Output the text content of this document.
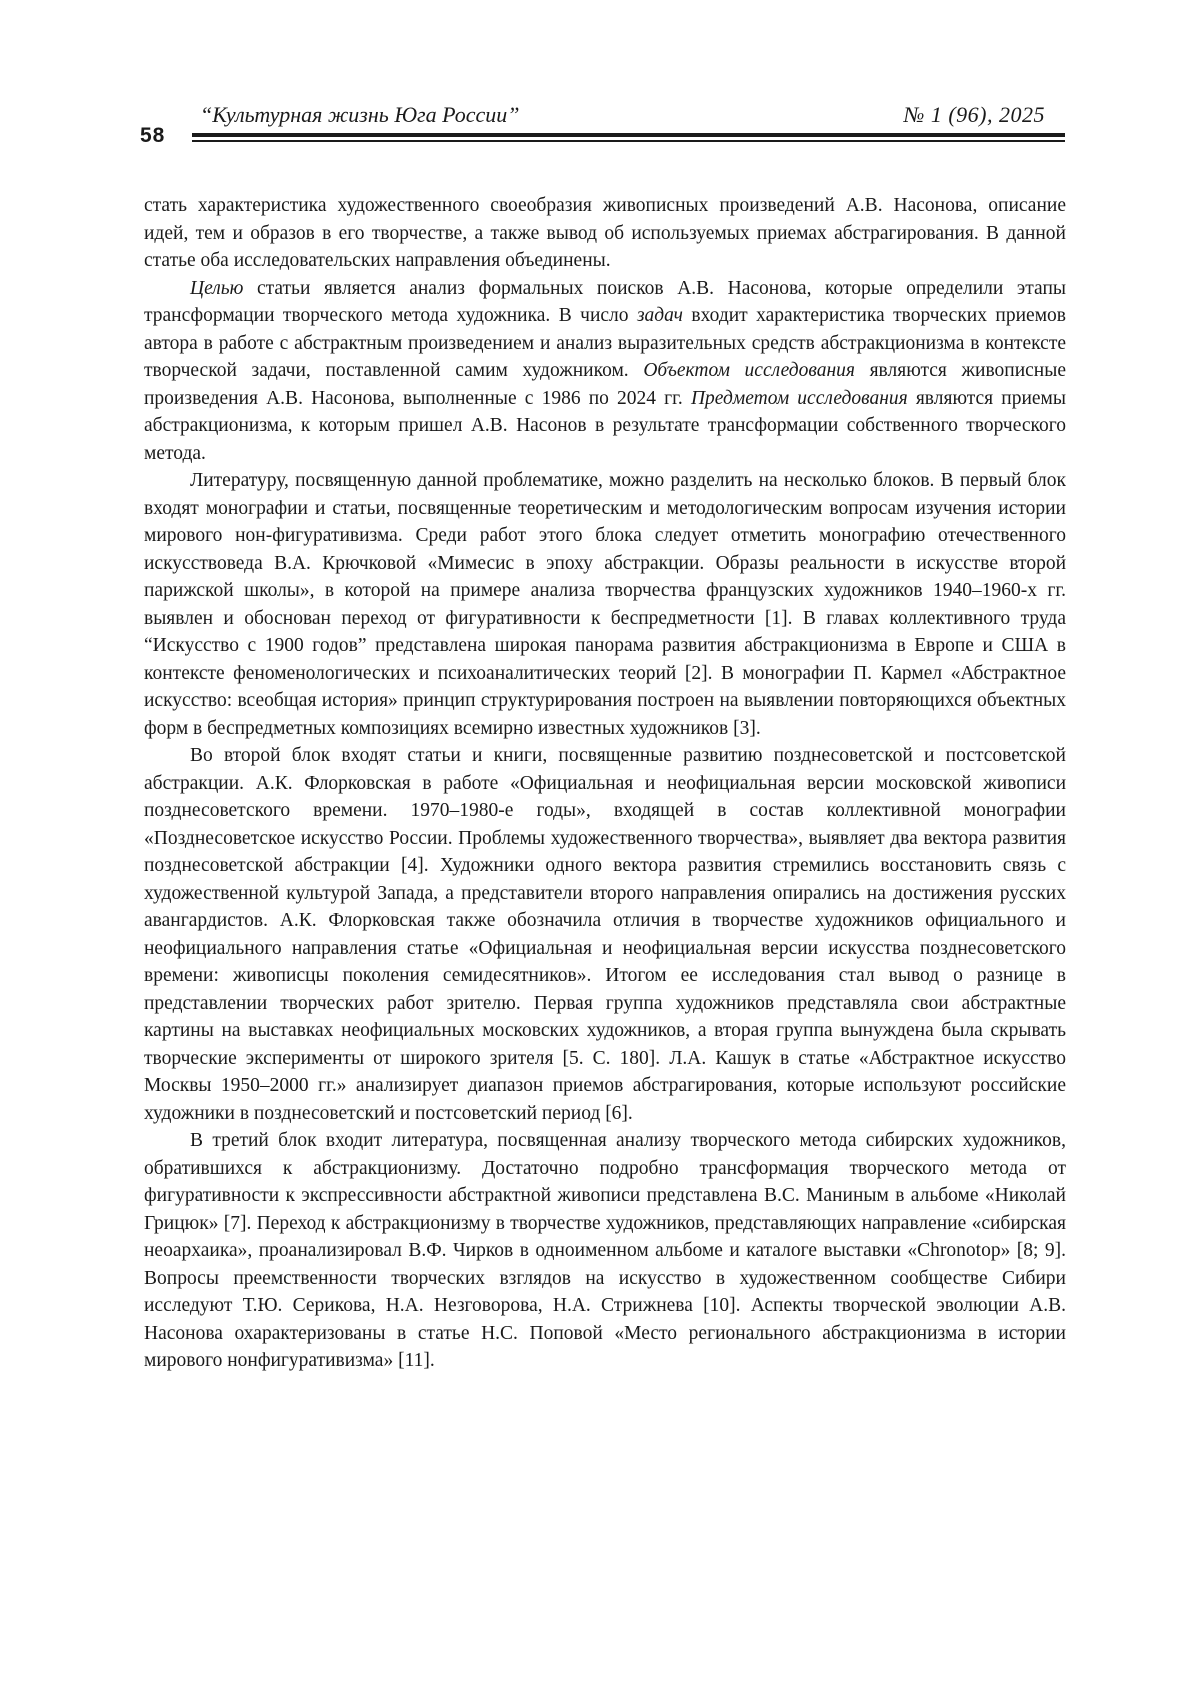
58
“Культурная жизнь Юга России”	№ 1 (96), 2025

стать характеристика художественного своеобразия живописных произведений А.В. Насо­нова, описание идей, тем и образов в его творчестве, а также вывод об используемых приемах абстрагирования. В данной статье оба исследовательских направления объединены.

Целью статьи является анализ формальных поисков А.В. Насонова, которые определили этапы трансформации творческого метода художника. В число задач входит характеристика творческих приемов автора в работе с абстрактным произведением и анализ выразительных средств абстракционизма в контексте творческой задачи, поставленной самим художником. Объектом исследования являются живописные произведения А.В. Насонова, выполненные с 1986 по 2024 гг. Предметом исследования являются приемы абстракционизма, к которым пришел А.В. Насонов в результате трансформации собственного творческого метода.

Литературу, посвященную данной проблематике, можно разделить на несколько блоков. В первый блок входят монографии и статьи, посвященные теоретическим и методологическим вопросам изучения истории мирового нон-фигуративизма. Среди работ этого блока следует отметить монографию отечественного искусствоведа В.А. Крюч­ковой «Мимесис в эпоху абстракции. Образы реальности в искусстве второй парижской школы», в которой на примере анализа творчества французских художников 1940–1960-х гг. выявлен и обоснован переход от фигуративности к беспредметности [1]. В главах коллективного труда “Искусство с 1900 годов” представлена широкая панорама развития абстракционизма в Европе и США в контексте феноменологических и психоаналитических теорий [2]. В монографии П. Кармел «Абстрактное искусство: всеобщая история» принцип структурирования построен на выявлении повторяющихся объектных форм в беспредметных композициях всемирно известных художников [3].

Во второй блок входят статьи и книги, посвященные развитию позднесоветской и постсоветской абстракции. А.К. Флорковская в работе «Официальная и неофициальная версии московской живописи позднесоветского времени. 1970–1980-е годы», входящей в состав коллективной монографии «Позднесоветское искусство России. Проблемы художественного творчества», выявляет два вектора развития позднесоветской абстракции [4]. Художники одного вектора развития стремились восстановить связь с художественной культурой Запада, а представители второго направления опирались на достижения русских авангардистов. А.К. Флорковская также обозначила отличия в творчестве художников официального и неофициального направления статье «Офи­циальная и неофициальная версии искусства позднесоветского времени: живописцы поколения семидесятников». Итогом ее исследования стал вывод о разнице в представлении творческих работ зрителю. Первая группа художников представляла свои абстрактные картины на выставках неофициальных московских художников, а вторая группа вынуждена была скрывать творческие эксперименты от широкого зрителя [5. С. 180]. Л.А. Кашук в статье «Абстрактное искусство Москвы 1950–2000 гг.» анализирует диапазон приемов абстрагирования, которые используют российские художники в позднесоветский и постсоветский период [6].

В третий блок входит литература, посвященная анализу творческого метода сибирских художников, обратившихся к абстракционизму. Достаточно подробно транс­формация творческого метода от фигуративности к экспрессивности абстрактной живописи представлена В.С. Маниным в альбоме «Николай Грицюк» [7]. Переход к абстракционизму в творчестве художников, представляющих направление «сибирская неоархаика», проанализировал В.Ф. Чирков в одноименном альбоме и каталоге выставки «Chronotop» [8; 9]. Вопросы преемственности творческих взглядов на искусство в художественном сообществе Сибири исследуют Т.Ю. Серикова, Н.А. Незговорова, Н.А. Стрижнева [10]. Аспекты творческой эволюции А.В. Насонова охарактеризованы в статье Н.С. Поповой «Место регионального абстракционизма в истории мирового нон­фигуративизма» [11].
